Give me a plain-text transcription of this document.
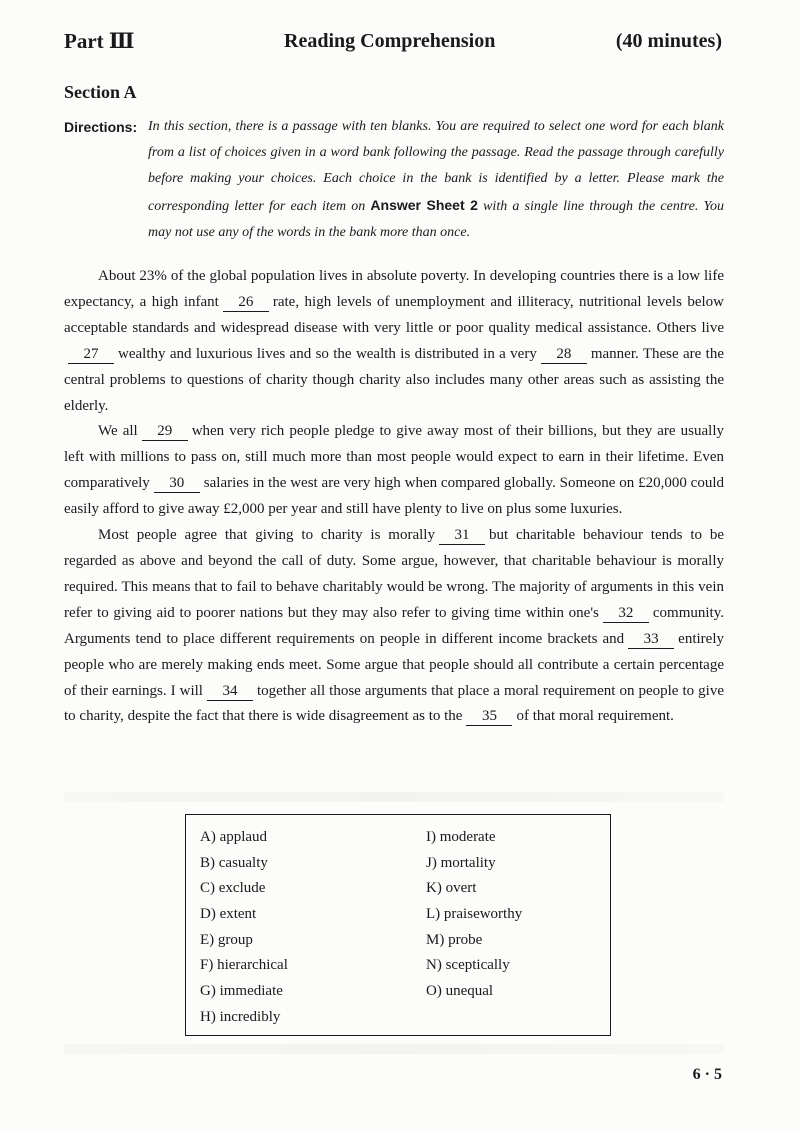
Part Ⅲ	Reading Comprehension	(40 minutes)
Section A
Directions: In this section, there is a passage with ten blanks. You are required to select one word for each blank from a list of choices given in a word bank following the passage. Read the passage through carefully before making your choices. Each choice in the bank is identified by a letter. Please mark the corresponding letter for each item on Answer Sheet 2 with a single line through the centre. You may not use any of the words in the bank more than once.

About 23% of the global population lives in absolute poverty. In developing countries there is a low life expectancy, a high infant 26 rate, high levels of unemployment and illiteracy, nutritional levels below acceptable standards and widespread disease with very little or poor quality medical assistance. Others live27 wealthy and luxurious lives and so the wealth is distributed in a very 28 manner. These are the central problems to questions of charity though charity also includes many other areas such as assisting the elderly.

We all 29 when very rich people pledge to give away most of their billions, but they are usually left with millions to pass on, still much more than most people would expect to earn in their lifetime. Even comparatively 30 salaries in the west are very high when compared globally. Someone on £20,000 could easily afford to give away £2,000 per year and still have plenty to live on plus some luxuries.

Most people agree that giving to charity is morally 31 but charitable behaviour tends to be regarded as above and beyond the call of duty. Some argue, however, that charitable behaviour is morally required. This means that to fail to behave charitably would be wrong. The majority of arguments in this vein refer to giving aid to poorer nations but they may also refer to giving time within one's 32 community. Arguments tend to place different requirements on people in different income brackets and 33 entirely people who are merely making ends meet. Some argue that people should all contribute a certain percentage of their earnings. I will 34 together all those arguments that place a moral requirement on people to give to charity, despite the fact that there is wide disagreement as to the 35 of that moral requirement.

A) applaud
B) casualty
C) exclude
D) extent
E) group
F) hierarchical
G) immediate
H) incredibly
I) moderate
J) mortality
K) overt
L) praiseworthy
M) probe
N) sceptically
O) unequal
6 · 5
